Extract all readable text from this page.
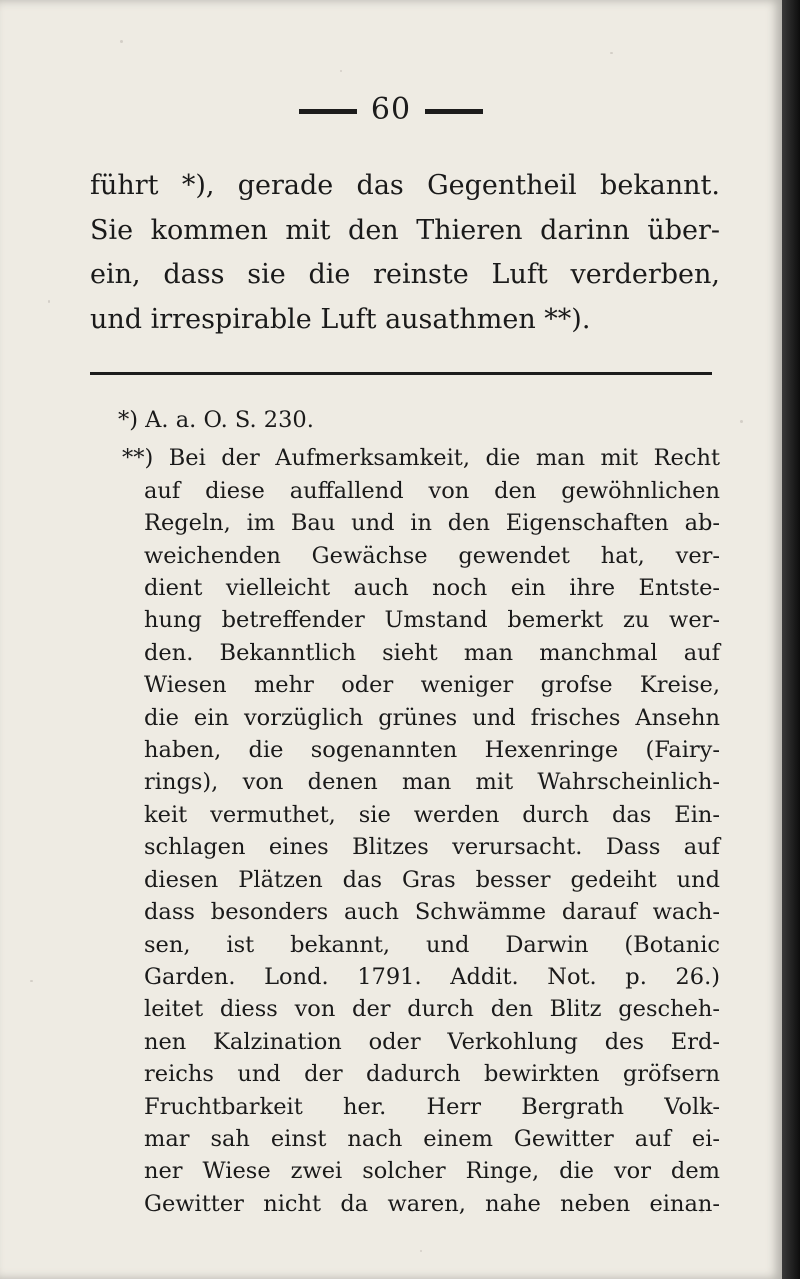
60
führt *), gerade das Gegentheil bekannt.
Sie kommen mit den Thieren darinn über-
ein, dass sie die reinste Luft verderben,
und irrespirable Luft ausathmen **).
*) A. a. O. S. 230.
**) Bei der Aufmerksamkeit, die man mit Recht
auf diese auffallend von den gewöhnlichen
Regeln, im Bau und in den Eigenschaften ab-
weichenden Gewächse gewendet hat, ver-
dient vielleicht auch noch ein ihre Entste-
hung betreffender Umstand bemerkt zu wer-
den. Bekanntlich sieht man manchmal auf
Wiesen mehr oder weniger grofse Kreise,
die ein vorzüglich grünes und frisches Ansehn
haben, die sogenannten Hexenringe (Fairy-
rings), von denen man mit Wahrscheinlich-
keit vermuthet, sie werden durch das Ein-
schlagen eines Blitzes verursacht. Dass auf
diesen Plätzen das Gras besser gedeiht und
dass besonders auch Schwämme darauf wach-
sen, ist bekannt, und Darwin (Botanic
Garden. Lond. 1791. Addit. Not. p. 26.)
leitet diess von der durch den Blitz gescheh-
nen Kalzination oder Verkohlung des Erd-
reichs und der dadurch bewirkten gröfsern
Fruchtbarkeit her. Herr Bergrath Volk-
mar sah einst nach einem Gewitter auf ei-
ner Wiese zwei solcher Ringe, die vor dem
Gewitter nicht da waren, nahe neben einan-
